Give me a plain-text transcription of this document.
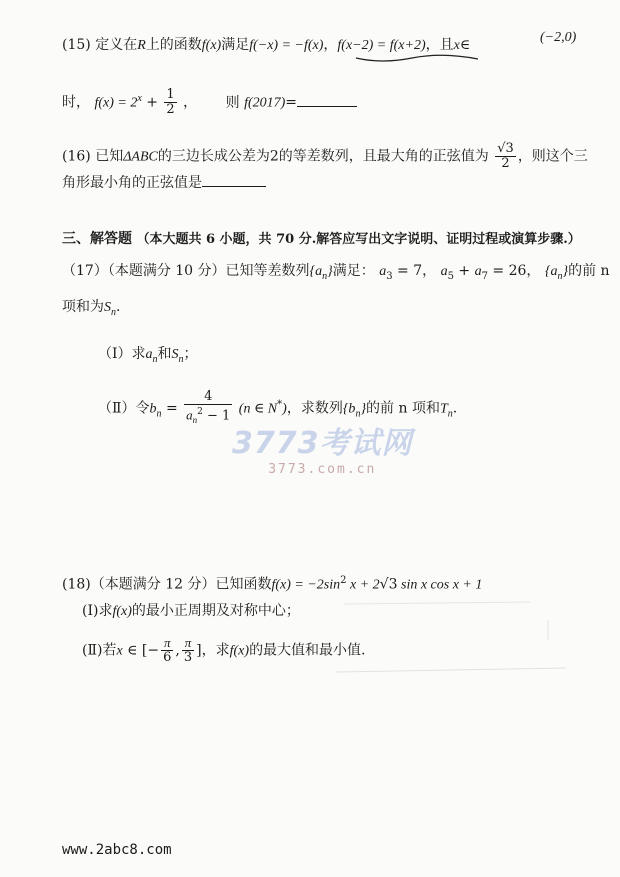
(15) 定义在R上的函数f(x)满足f(−x) = −f(x)，f(x−2) = f(x+2)，且x∈	(−2,0)
时， $f(x) = 2^x + \frac{1}{2}$ ， 则 f(2017)=
(16) 已知ΔABC的三边长成公差为2的等差数列，且最大角的正弦值为 $\frac{√3}{2}$ ，则这个三
角形最小角的正弦值是
三、解答题 （本大题共 6 小题，共 70 分.解答应写出文字说明、证明过程或演算步骤.）
（17）（本题满分 10 分）已知等差数列$\{a_n\}$满足： $a_3 = 7$， $a_5 + a_7 = 26$， $\{a_n\}$的前 n
项和为$S_n$.
（Ⅰ）求$a_n$和$S_n$；
（Ⅱ）令$b_n = \frac{4}{a_n^2 - 1} (n$ ∈ N*)，求数列$\{b_n\}$的前 n 项和$T_n$.
3773考试网
3773.com.cn
(18)（本题满分 12 分）已知函数$f(x) = -2\sin^2$ x + 2√3 sin x cos x + 1
(Ⅰ)求f(x)的最小正周期及对称中心；
(Ⅱ)若x ∈ [− $\frac{\pi}{6}$ , $\frac{\pi}{3}$ ]，求f(x)的最大值和最小值.
www.2abc8.com
